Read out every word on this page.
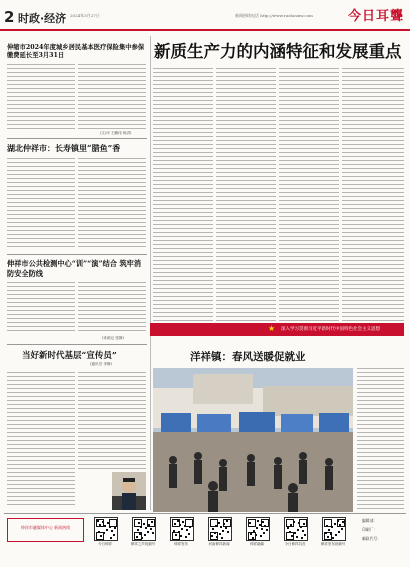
2 时政·经济 2024年3月27日	新闻热线电话 http://www.ruzhouxw.com	今日耳聾
伸缩市2024年度城乡居民基本医疗保险集中参保缴费延长至3月31日
(文/评 王鹏伟 杨洪)
湖北仲祥市：长寿镇里“腊鱼”香
伸祥市公共检测中心“训”“演”结合 筑牢消防安全防线
(来源记 张静)
当好新时代基层“宣传员”
(通讯员 李静)
新质生产力的内涵特征和发展重点
★ 深入学习贯彻习近平新时代中国特色社会主义思想
洋祥镇：春风送暖促就业
伸祥市融媒体中心 新闻热线
今日伸祥	伸祥之声视频号	伸祥发布	河南伸祥新闻	伸祥融媒	今日伸祥抖音	伸祥发布视频号
编辑部：
印刷厂：
邮政代号：
